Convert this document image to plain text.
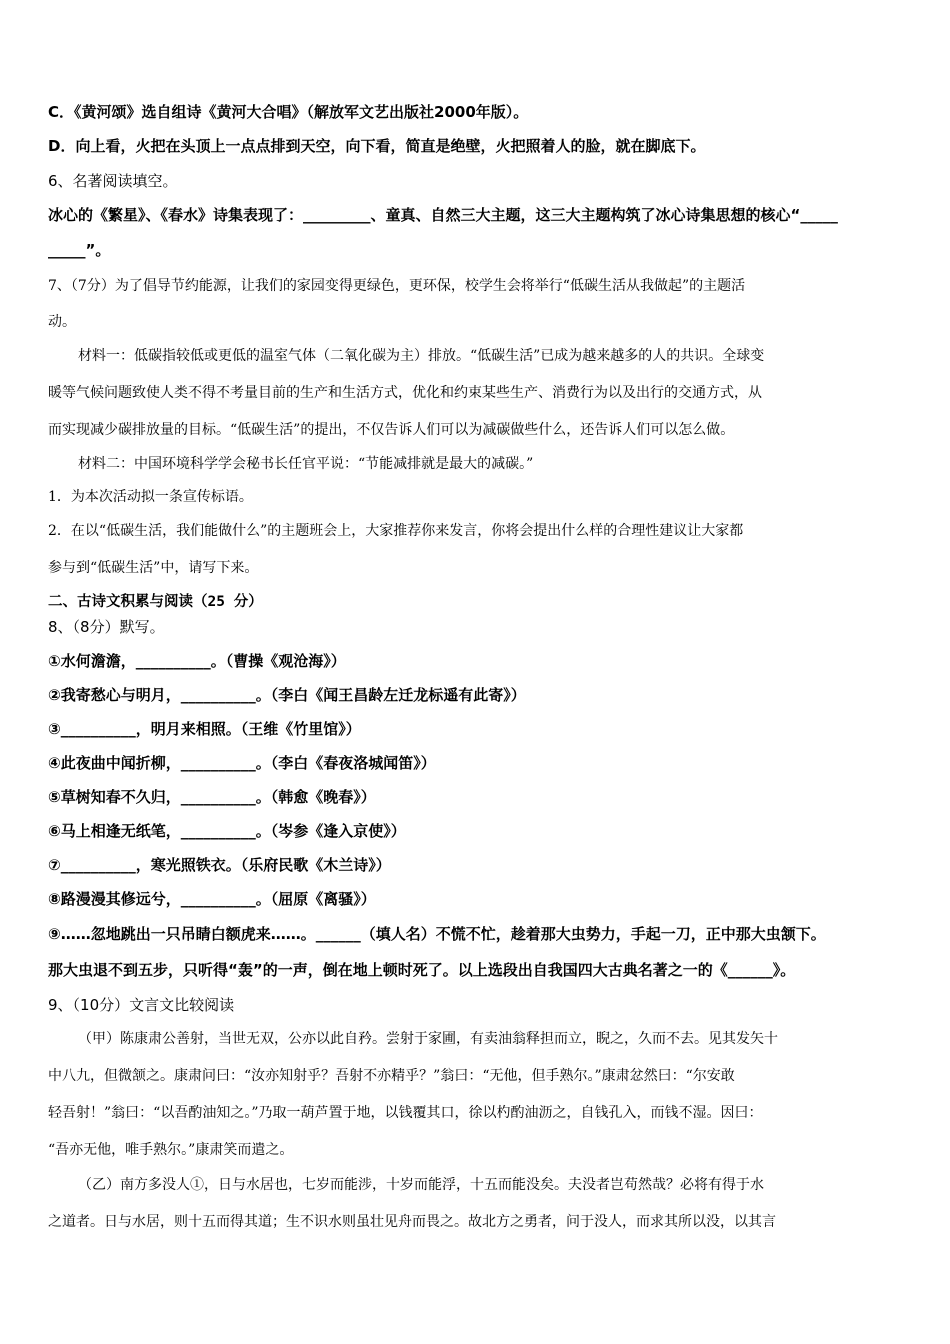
C．《黄河颂》选自组诗《黄河大合唱》（解放军文艺出版社2000年版）。
D．向上看，火把在头顶上一点点排到天空，向下看，简直是绝壁，火把照着人的脸，就在脚底下。
6、名著阅读填空。
冰心的《繁星》、《春水》诗集表现了：_________、童真、自然三大主题，这三大主题构筑了冰心诗集思想的核心“_____
_____”。
7、（7分）为了倡导节约能源，让我们的家园变得更绿色，更环保，校学生会将举行“低碳生活从我做起”的主题活
动。
材料一：低碳指较低或更低的温室气体（二氧化碳为主）排放。“低碳生活”已成为越来越多的人的共识。全球变
暖等气候问题致使人类不得不考量目前的生产和生活方式，优化和约束某些生产、消费行为以及出行的交通方式，从
而实现减少碳排放量的目标。“低碳生活”的提出，不仅告诉人们可以为减碳做些什么，还告诉人们可以怎么做。
材料二：中国环境科学学会秘书长任官平说：“节能减排就是最大的减碳。”
1．为本次活动拟一条宣传标语。
2．在以“低碳生活，我们能做什么”的主题班会上，大家推荐你来发言，你将会提出什么样的合理性建议让大家都
参与到“低碳生活”中，请写下来。
二、古诗文积累与阅读（25 分）
8、（8分）默写。
①水何澹澹，__________。（曹操《观沧海》）
②我寄愁心与明月，__________。（李白《闻王昌龄左迁龙标遥有此寄》）
③__________，明月来相照。（王维《竹里馆》）
④此夜曲中闻折柳，__________。（李白《春夜洛城闻笛》）
⑤草树知春不久归，__________。（韩愈《晚春》）
⑥马上相逢无纸笔，__________。（岑参《逢入京使》）
⑦__________，寒光照铁衣。（乐府民歌《木兰诗》）
⑧路漫漫其修远兮，__________。（屈原《离骚》）
⑨……忽地跳出一只吊睛白额虎来……。______（填人名）不慌不忙，趁着那大虫势力，手起一刀，正中那大虫颔下。
那大虫退不到五步，只听得“轰”的一声，倒在地上顿时死了。以上选段出自我国四大古典名著之一的《______》。
9、（10分）文言文比较阅读
（甲）陈康肃公善射，当世无双，公亦以此自矜。尝射于家圃，有卖油翁释担而立，睨之，久而不去。见其发矢十
中八九，但微颔之。康肃问曰：“汝亦知射乎？吾射不亦精乎？”翁曰：“无他，但手熟尔。”康肃忿然曰：“尔安敢
轻吾射！”翁曰：“以吾酌油知之。”乃取一葫芦置于地，以钱覆其口，徐以杓酌油沥之，自钱孔入，而钱不湿。因曰：
“吾亦无他，唯手熟尔。”康肃笑而遣之。
（乙）南方多没人①，日与水居也，七岁而能涉，十岁而能浮，十五而能没矣。夫没者岂苟然哉？必将有得于水
之道者。日与水居，则十五而得其道；生不识水则虽壮见舟而畏之。故北方之勇者，问于没人，而求其所以没，以其言
